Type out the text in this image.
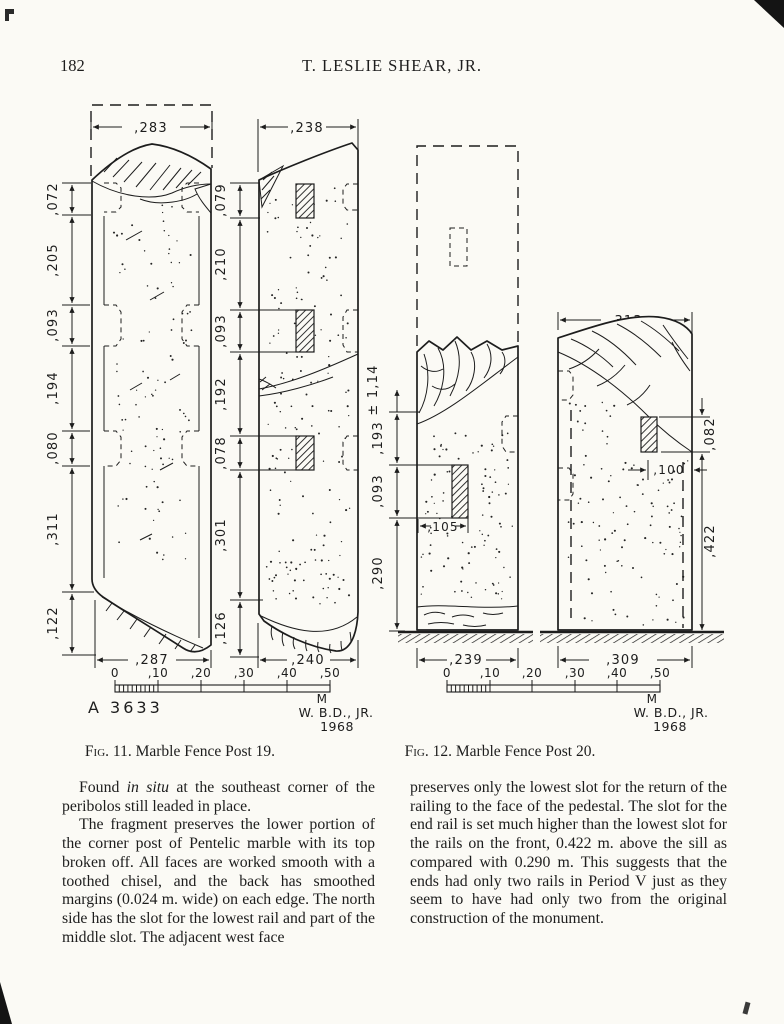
182	T. LESLIE SHEAR, JR.
,283
,072
,205
,093
,194
,080
,311
,122
,287
,238
,079
,210
,093
,192
,078
,301
,126
,240
0 ,10 ,20 ,30 ,40 ,50
M
A 3633	W. B.D., JR.
1968
± 1,14
,193
,093
,290
,105
,239
,100
,082
,422
,309
0 ,10 ,20 ,30 ,40 ,50
M
W. B.D., JR.
1968
Fig. 11. Marble Fence Post 19.	Fig. 12. Marble Fence Post 20.

Found in situ at the southeast corner of the peribolos still leaded in place.

The fragment preserves the lower portion of the corner post of Pentelic marble with its top broken off. All faces are worked smooth with a toothed chisel, and the back has smoothed margins (0.024 m. wide) on each edge. The north side has the slot for the lowest rail and part of the middle slot. The adjacent west face

preserves only the lowest slot for the return of the railing to the face of the pedestal. The slot for the end rail is set much higher than the lowest slot for the rails on the front, 0.422 m. above the sill as compared with 0.290 m. This suggests that the ends had only two rails in Period V just as they seem to have had only two from the original construction of the monument.
